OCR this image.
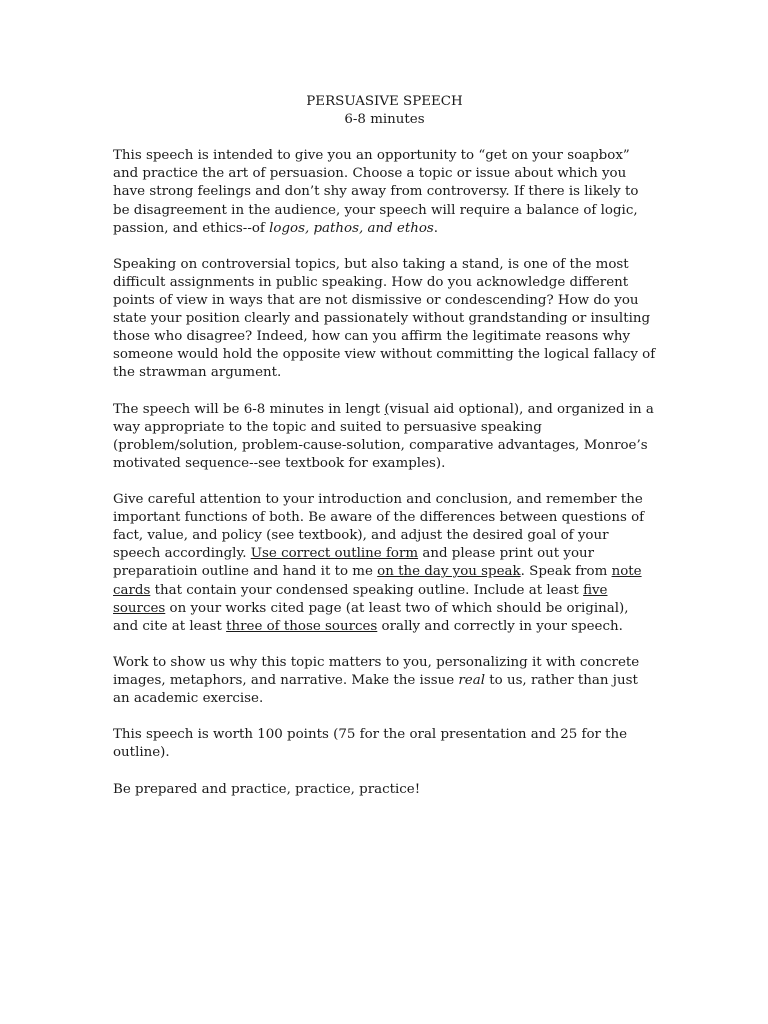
PERSUASIVE SPEECH
6-8 minutes

This speech is intended to give you an opportunity to “get on your soapbox” and practice the art of persuasion. Choose a topic or issue about which you have strong feelings and don’t shy away from controversy. If there is likely to be disagreement in the audience, your speech will require a balance of logic, passion, and ethics--of logos, pathos, and ethos.

Speaking on controversial topics, but also taking a stand, is one of the most difficult assignments in public speaking. How do you acknowledge different points of view in ways that are not dismissive or condescending? How do you state your position clearly and passionately without grandstanding or insulting those who disagree? Indeed, how can you affirm the legitimate reasons why someone would hold the opposite view without committing the logical fallacy of the strawman argument.

The speech will be 6-8 minutes in lengt (visual aid optional), and organized in a way appropriate to the topic and suited to persuasive speaking (problem/solution, problem-cause-solution, comparative advantages, Monroe’s motivated sequence--see textbook for examples).

Give careful attention to your introduction and conclusion, and remember the important functions of both. Be aware of the differences between questions of fact, value, and policy (see textbook), and adjust the desired goal of your speech accordingly. Use correct outline form and please print out your preparatioin outline and hand it to me on the day you speak. Speak from note cards that contain your condensed speaking outline. Include at least five sources on your works cited page (at least two of which should be original), and cite at least three of those sources orally and correctly in your speech.

Work to show us why this topic matters to you, personalizing it with concrete images, metaphors, and narrative. Make the issue real to us, rather than just an academic exercise.

This speech is worth 100 points (75 for the oral presentation and 25 for the outline).

Be prepared and practice, practice, practice!
